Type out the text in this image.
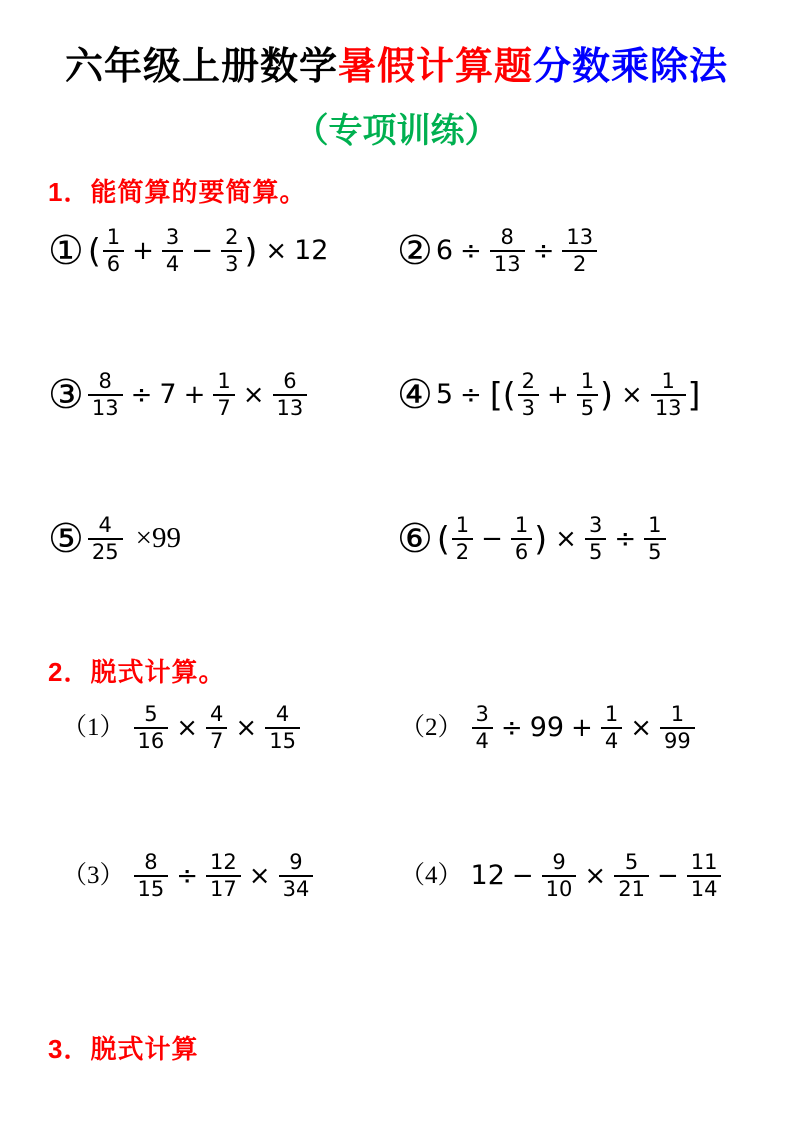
六年级上册数学暑假计算题分数乘除法
（专项训练）
1．能简算的要简算。
① ( $\frac{1}{6} + \frac{3}{4} - \frac{2}{3}$ ) × 12 ② $6 \div \frac{8}{13} \div \frac{13}{2}$
③ $\frac{8}{13} \div 7 + \frac{1}{7} \times \frac{6}{13}$ ④ 5 ÷ [( $\frac{2}{3} + \frac{1}{5}$ ) × $\frac{1}{13}$ ]
⑤ $\frac{4}{25} \times 99$	⑥ ( $\frac{1}{2} - \frac{1}{6}$ ) × $\frac{3}{5} \div \frac{1}{5}$
2．脱式计算。
$(1) \frac{5}{16} \times \frac{4}{7} \times \frac{4}{15}$	$(2) \frac{3}{4} \div 99 + \frac{1}{4} \times \frac{1}{99}$
$(3) \frac{8}{15} \div \frac{12}{17} \times \frac{9}{34}$	（4） $12 - \frac{9}{10} \times \frac{5}{21} - \frac{11}{14}$
3．脱式计算
